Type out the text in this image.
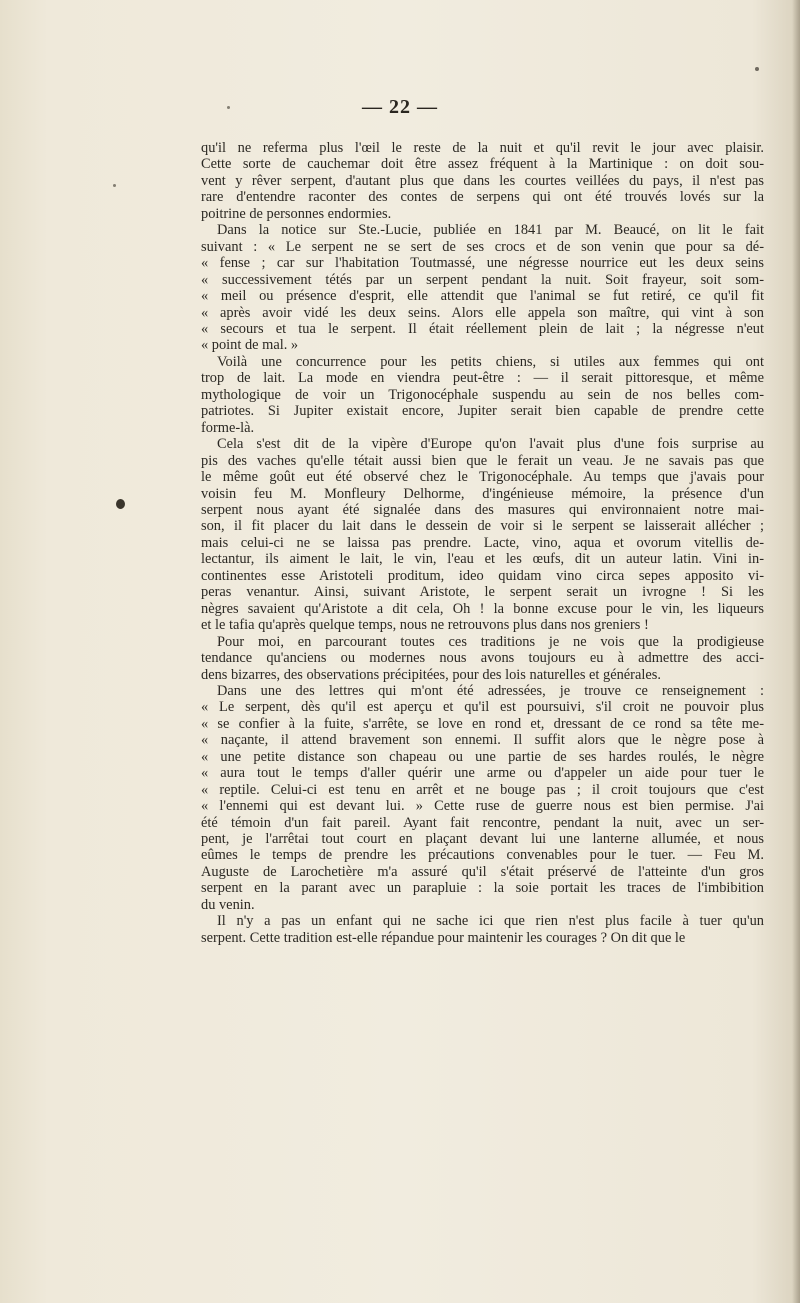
— 22 —
qu'il ne referma plus l'œil le reste de la nuit et qu'il revit le jour avec plaisir.
Cette sorte de cauchemar doit être assez fréquent à la Martinique : on doit sou-
vent y rêver serpent, d'autant plus que dans les courtes veillées du pays, il n'est pas
rare d'entendre raconter des contes de serpens qui ont été trouvés lovés sur la
poitrine de personnes endormies.
Dans la notice sur Ste.-Lucie, publiée en 1841 par M. Beaucé, on lit le fait
suivant : « Le serpent ne se sert de ses crocs et de son venin que pour sa dé-
« fense ; car sur l'habitation Toutmassé, une négresse nourrice eut les deux seins
« successivement tétés par un serpent pendant la nuit. Soit frayeur, soit som-
« meil ou présence d'esprit, elle attendit que l'animal se fut retiré, ce qu'il fit
« après avoir vidé les deux seins. Alors elle appela son maître, qui vint à son
« secours et tua le serpent. Il était réellement plein de lait ; la négresse n'eut
« point de mal. »
Voilà une concurrence pour les petits chiens, si utiles aux femmes qui ont
trop de lait. La mode en viendra peut-être : — il serait pittoresque, et même
mythologique de voir un Trigonocéphale suspendu au sein de nos belles com-
patriotes. Si Jupiter existait encore, Jupiter serait bien capable de prendre cette
forme-là.
Cela s'est dit de la vipère d'Europe qu'on l'avait plus d'une fois surprise au
pis des vaches qu'elle tétait aussi bien que le ferait un veau. Je ne savais pas que
le même goût eut été observé chez le Trigonocéphale. Au temps que j'avais pour
voisin feu M. Monfleury Delhorme, d'ingénieuse mémoire, la présence d'un
serpent nous ayant été signalée dans des masures qui environnaient notre mai-
son, il fit placer du lait dans le dessein de voir si le serpent se laisserait allécher ;
mais celui-ci ne se laissa pas prendre. Lacte, vino, aqua et ovorum vitellis de-
lectantur, ils aiment le lait, le vin, l'eau et les œufs, dit un auteur latin. Vini in-
continentes esse Aristoteli proditum, ideo quidam vino circa sepes apposito vi-
peras venantur. Ainsi, suivant Aristote, le serpent serait un ivrogne ! Si les
nègres savaient qu'Aristote a dit cela, Oh ! la bonne excuse pour le vin, les liqueurs
et le tafia qu'après quelque temps, nous ne retrouvons plus dans nos greniers !
Pour moi, en parcourant toutes ces traditions je ne vois que la prodigieuse
tendance qu'anciens ou modernes nous avons toujours eu à admettre des acci-
dens bizarres, des observations précipitées, pour des lois naturelles et générales.
Dans une des lettres qui m'ont été adressées, je trouve ce renseignement :
« Le serpent, dès qu'il est aperçu et qu'il est poursuivi, s'il croit ne pouvoir plus
« se confier à la fuite, s'arrête, se love en rond et, dressant de ce rond sa tête me-
« naçante, il attend bravement son ennemi. Il suffit alors que le nègre pose à
« une petite distance son chapeau ou une partie de ses hardes roulés, le nègre
« aura tout le temps d'aller quérir une arme ou d'appeler un aide pour tuer le
« reptile. Celui-ci est tenu en arrêt et ne bouge pas ; il croit toujours que c'est
« l'ennemi qui est devant lui. » Cette ruse de guerre nous est bien permise. J'ai
été témoin d'un fait pareil. Ayant fait rencontre, pendant la nuit, avec un ser-
pent, je l'arrêtai tout court en plaçant devant lui une lanterne allumée, et nous
eûmes le temps de prendre les précautions convenables pour le tuer. — Feu M.
Auguste de Larochetière m'a assuré qu'il s'était préservé de l'atteinte d'un gros
serpent en la parant avec un parapluie : la soie portait les traces de l'imbibition
du venin.
Il n'y a pas un enfant qui ne sache ici que rien n'est plus facile à tuer qu'un
serpent. Cette tradition est-elle répandue pour maintenir les courages ? On dit que le
